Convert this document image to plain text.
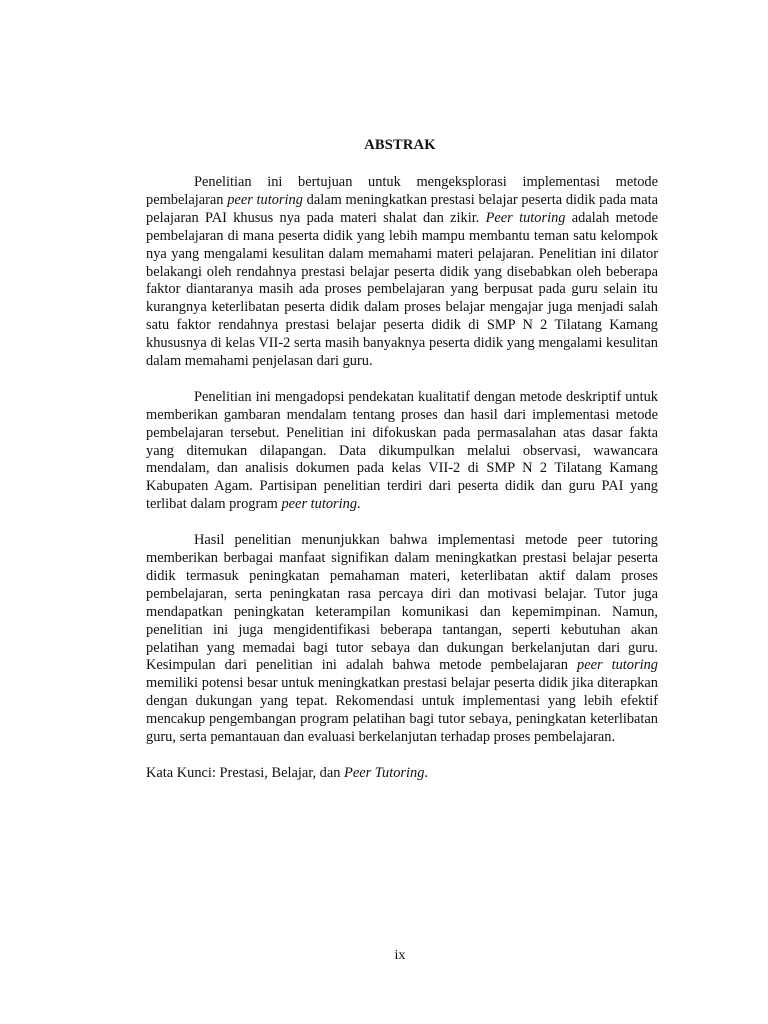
ABSTRAK

Penelitian ini bertujuan untuk mengeksplorasi implementasi metode pembelajaran peer tutoring dalam meningkatkan prestasi belajar peserta didik pada mata pelajaran PAI khusus nya pada materi shalat dan zikir. Peer tutoring adalah metode pembelajaran di mana peserta didik yang lebih mampu membantu teman satu kelompok nya yang mengalami kesulitan dalam memahami materi pelajaran. Penelitian ini dilator belakangi oleh rendahnya prestasi belajar peserta didik yang disebabkan oleh beberapa faktor diantaranya masih ada proses pembelajaran yang berpusat pada guru selain itu kurangnya keterlibatan peserta didik dalam proses belajar mengajar juga menjadi salah satu faktor rendahnya prestasi belajar peserta didik di SMP N 2 Tilatang Kamang khususnya di kelas VII-2 serta masih banyaknya peserta didik yang mengalami kesulitan dalam memahami penjelasan dari guru.

Penelitian ini mengadopsi pendekatan kualitatif dengan metode deskriptif untuk memberikan gambaran mendalam tentang proses dan hasil dari implementasi metode pembelajaran tersebut. Penelitian ini difokuskan pada permasalahan atas dasar fakta yang ditemukan dilapangan. Data dikumpulkan melalui observasi, wawancara mendalam, dan analisis dokumen pada kelas VII-2 di SMP N 2 Tilatang Kamang Kabupaten Agam. Partisipan penelitian terdiri dari peserta didik dan guru PAI yang terlibat dalam program peer tutoring.

Hasil penelitian menunjukkan bahwa implementasi metode peer tutoring memberikan berbagai manfaat signifikan dalam meningkatkan prestasi belajar peserta didik termasuk peningkatan pemahaman materi, keterlibatan aktif dalam proses pembelajaran, serta peningkatan rasa percaya diri dan motivasi belajar. Tutor juga mendapatkan peningkatan keterampilan komunikasi dan kepemimpinan. Namun, penelitian ini juga mengidentifikasi beberapa tantangan, seperti kebutuhan akan pelatihan yang memadai bagi tutor sebaya dan dukungan berkelanjutan dari guru. Kesimpulan dari penelitian ini adalah bahwa metode pembelajaran peer tutoring memiliki potensi besar untuk meningkatkan prestasi belajar peserta didik jika diterapkan dengan dukungan yang tepat. Rekomendasi untuk implementasi yang lebih efektif mencakup pengembangan program pelatihan bagi tutor sebaya, peningkatan keterlibatan guru, serta pemantauan dan evaluasi berkelanjutan terhadap proses pembelajaran.

Kata Kunci: Prestasi, Belajar, dan Peer Tutoring.

ix
